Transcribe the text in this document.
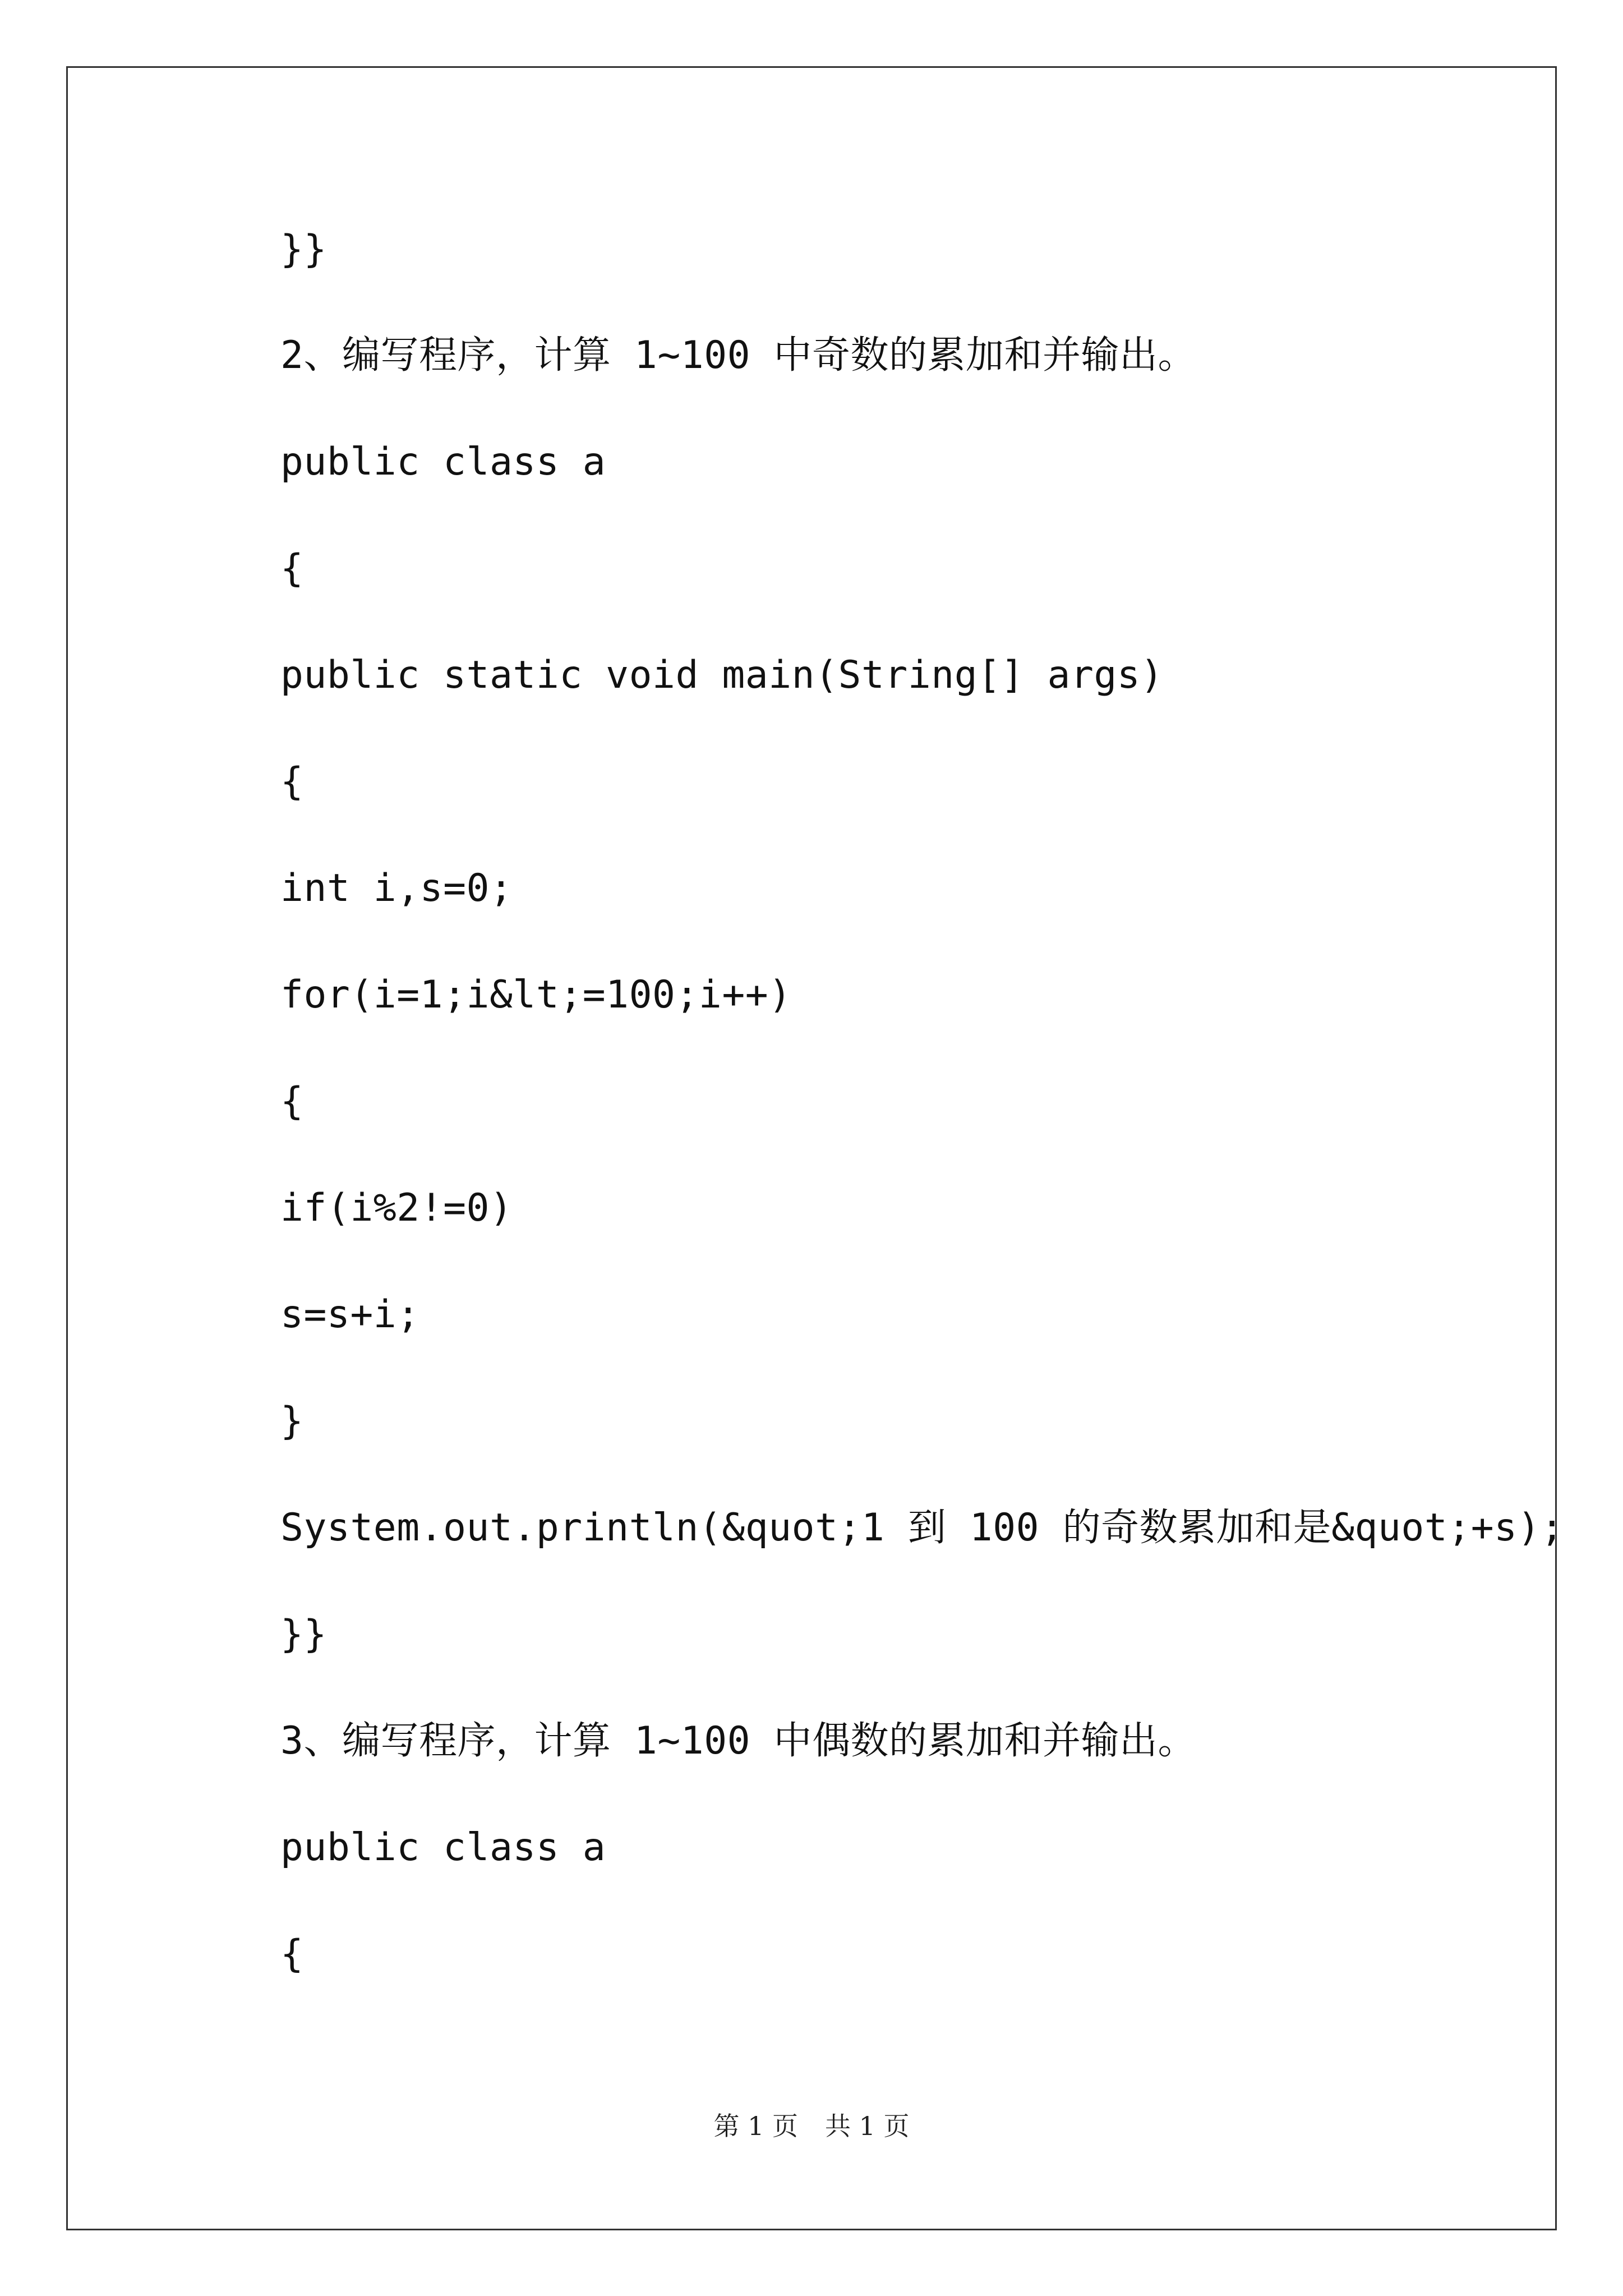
}}
2、编写程序，计算 1~100 中奇数的累加和并输出。
public class a
{
public static void main(String[] args)
{
int i,s=0;
for(i=1;i&lt;=100;i++)
{
if(i%2!=0)
s=s+i;
}
System.out.println(&quot;1 到 100 的奇数累加和是&quot;+s);
}}
3、编写程序，计算 1~100 中偶数的累加和并输出。
public class a
{
第 1 页 共 1 页
